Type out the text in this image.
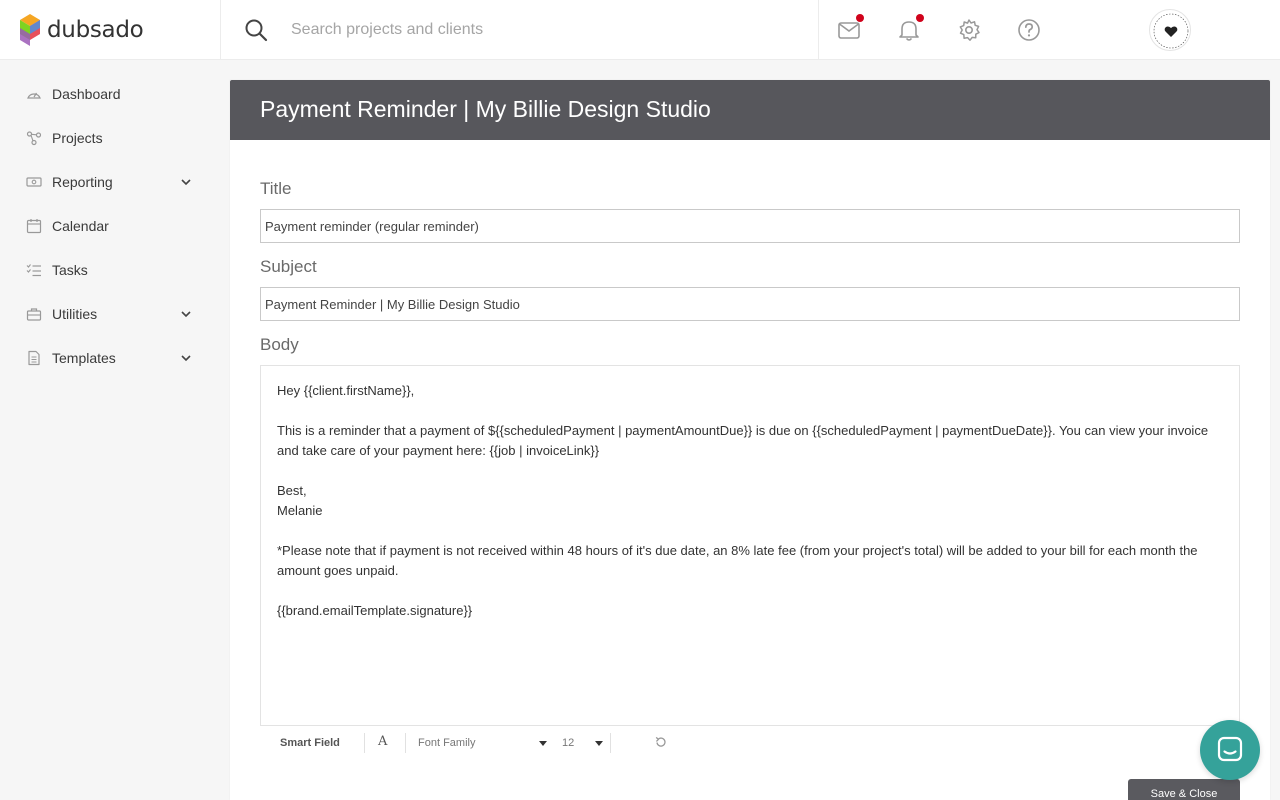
dubsado
Search projects and clients
Dashboard
Projects
Reporting
Calendar
Tasks
Utilities
Templates
Payment Reminder | My Billie Design Studio
Title
Payment reminder (regular reminder)
Subject
Payment Reminder | My Billie Design Studio
Body

Hey {{client.firstName}},

This is a reminder that a payment of ${{scheduledPayment | paymentAmountDue}} is due on {{scheduledPayment | paymentDueDate}}. You can view your invoice and take care of your payment here: {{job | invoiceLink}}

Best,

Melanie

*Please note that if payment is not received within 48 hours of it's due date, an 8% late fee (from your project's total) will be added to your bill for each month the amount goes unpaid.

{{brand.emailTemplate.signature}}

Smart Field	A	Font Family	12
Save & Close
